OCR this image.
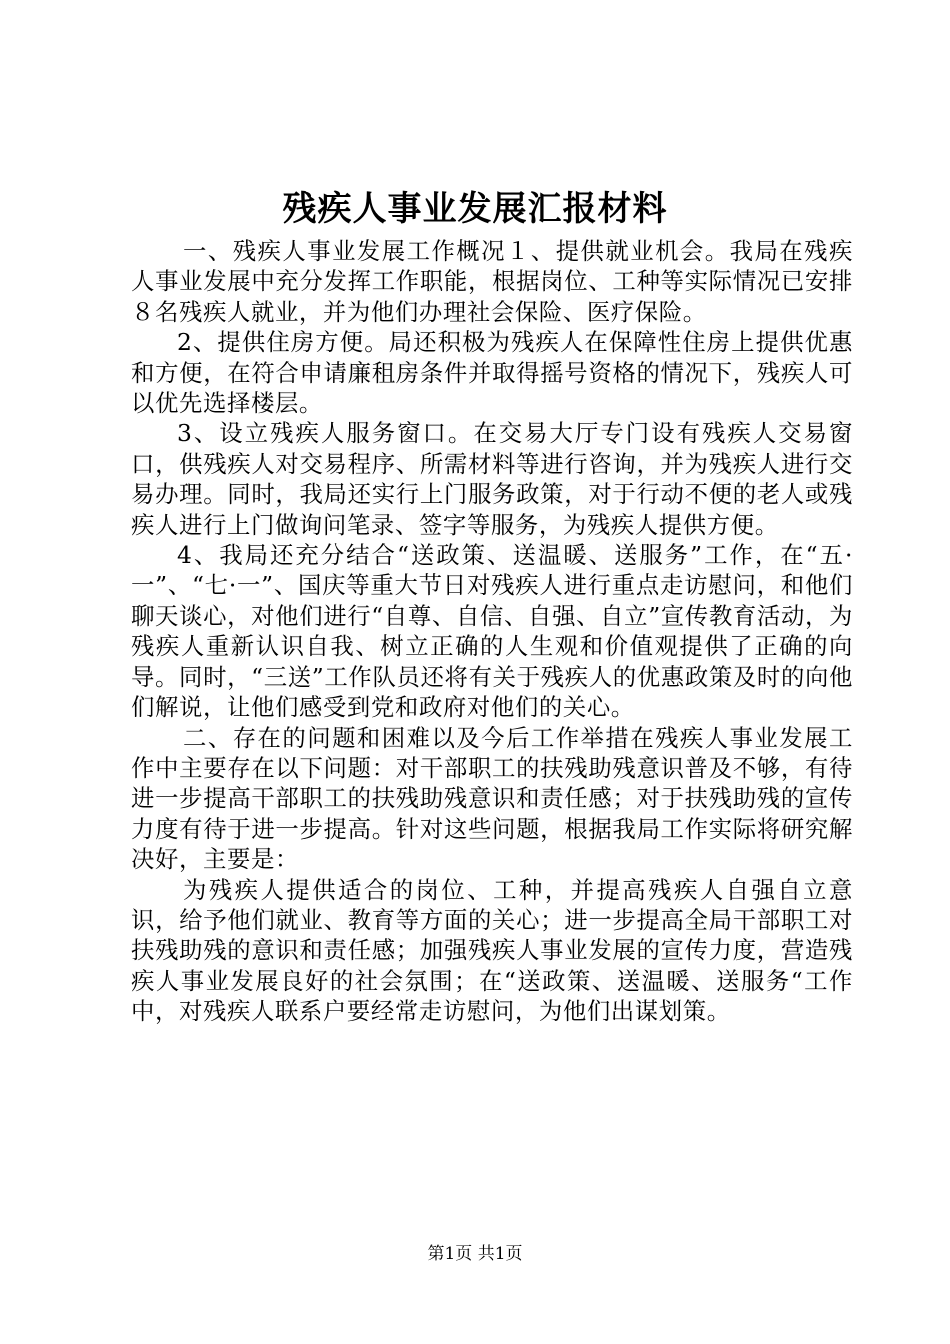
残疾人事业发展汇报材料

一、残疾人事业发展工作概况１、提供就业机会。我局在残疾人事业发展中充分发挥工作职能，根据岗位、工种等实际情况已安排８名残疾人就业，并为他们办理社会保险、医疗保险。

2、提供住房方便。局还积极为残疾人在保障性住房上提供优惠和方便，在符合申请廉租房条件并取得摇号资格的情况下，残疾人可以优先选择楼层。

3、设立残疾人服务窗口。在交易大厅专门设有残疾人交易窗口，供残疾人对交易程序、所需材料等进行咨询，并为残疾人进行交易办理。同时，我局还实行上门服务政策，对于行动不便的老人或残疾人进行上门做询问笔录、签字等服务，为残疾人提供方便。

4、我局还充分结合“送政策、送温暖、送服务”工作，在“五·一”、“七·一”、国庆等重大节日对残疾人进行重点走访慰问，和他们聊天谈心，对他们进行“自尊、自信、自强、自立”宣传教育活动，为残疾人重新认识自我、树立正确的人生观和价值观提供了正确的向导。同时，“三送”工作队员还将有关于残疾人的优惠政策及时的向他们解说，让他们感受到党和政府对他们的关心。

二、存在的问题和困难以及今后工作举措在残疾人事业发展工作中主要存在以下问题：对干部职工的扶残助残意识普及不够，有待进一步提高干部职工的扶残助残意识和责任感；对于扶残助残的宣传力度有待于进一步提高。针对这些问题，根据我局工作实际将研究解决好，主要是：

为残疾人提供适合的岗位、工种，并提高残疾人自强自立意识，给予他们就业、教育等方面的关心；进一步提高全局干部职工对扶残助残的意识和责任感；加强残疾人事业发展的宣传力度，营造残疾人事业发展良好的社会氛围；在“送政策、送温暖、送服务“工作中，对残疾人联系户要经常走访慰问，为他们出谋划策。

第1页 共1页
